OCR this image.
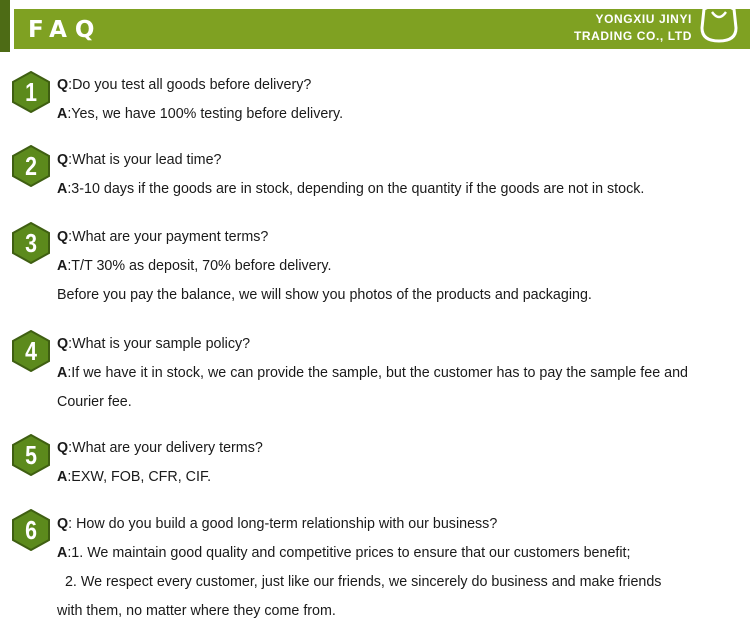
FAQ	YONGXIU JINYI
TRADING CO., LTD
1	Q:Do you test all goods before delivery?
A:Yes, we have 100% testing before delivery.
2	Q:What is your lead time?
A:3-10 days if the goods are in stock, depending on the quantity if the goods are not in stock.
3	Q:What are your payment terms?
A:T/T 30% as deposit, 70% before delivery.
Before you pay the balance, we will show you photos of the products and packaging.
4	Q:What is your sample policy?
A:If we have it in stock, we can provide the sample, but the customer has to pay the sample fee and
Courier fee.
5	Q:What are your delivery terms?
A:EXW, FOB, CFR, CIF.
6	Q: How do you build a good long-term relationship with our business?
A:1. We maintain good quality and competitive prices to ensure that our customers benefit;
2. We respect every customer, just like our friends, we sincerely do business and make friends
with them, no matter where they come from.
